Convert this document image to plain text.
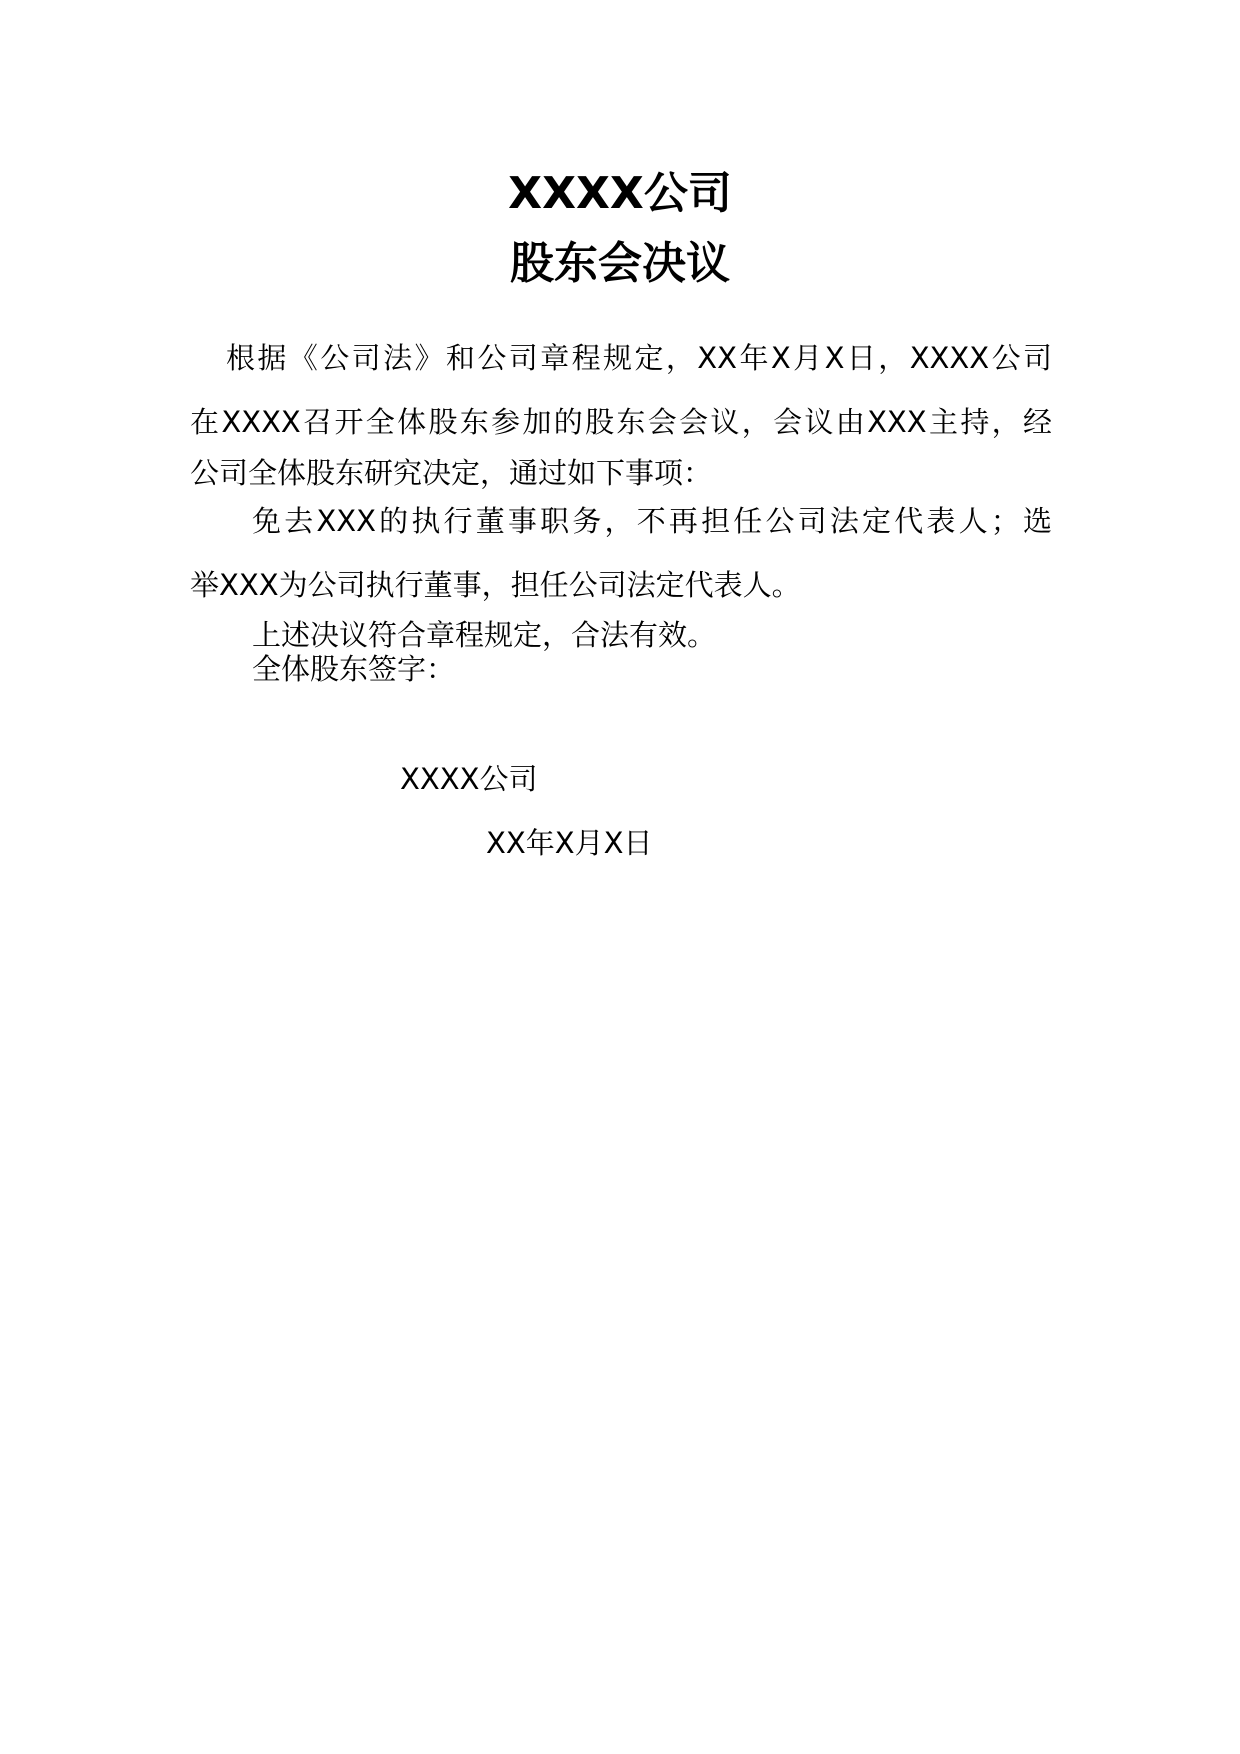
XXXX公司
股东会决议

根据《公司法》和公司章程规定，XX年X月X日，XXXX公司

在XXXX召开全体股东参加的股东会会议，会议由XXX主持，经

公司全体股东研究决定，通过如下事项：

免去XXX的执行董事职务，不再担任公司法定代表人；选

举XXX为公司执行董事，担任公司法定代表人。

上述决议符合章程规定，合法有效。

全体股东签字：

XXXX公司

XX年X月X日
